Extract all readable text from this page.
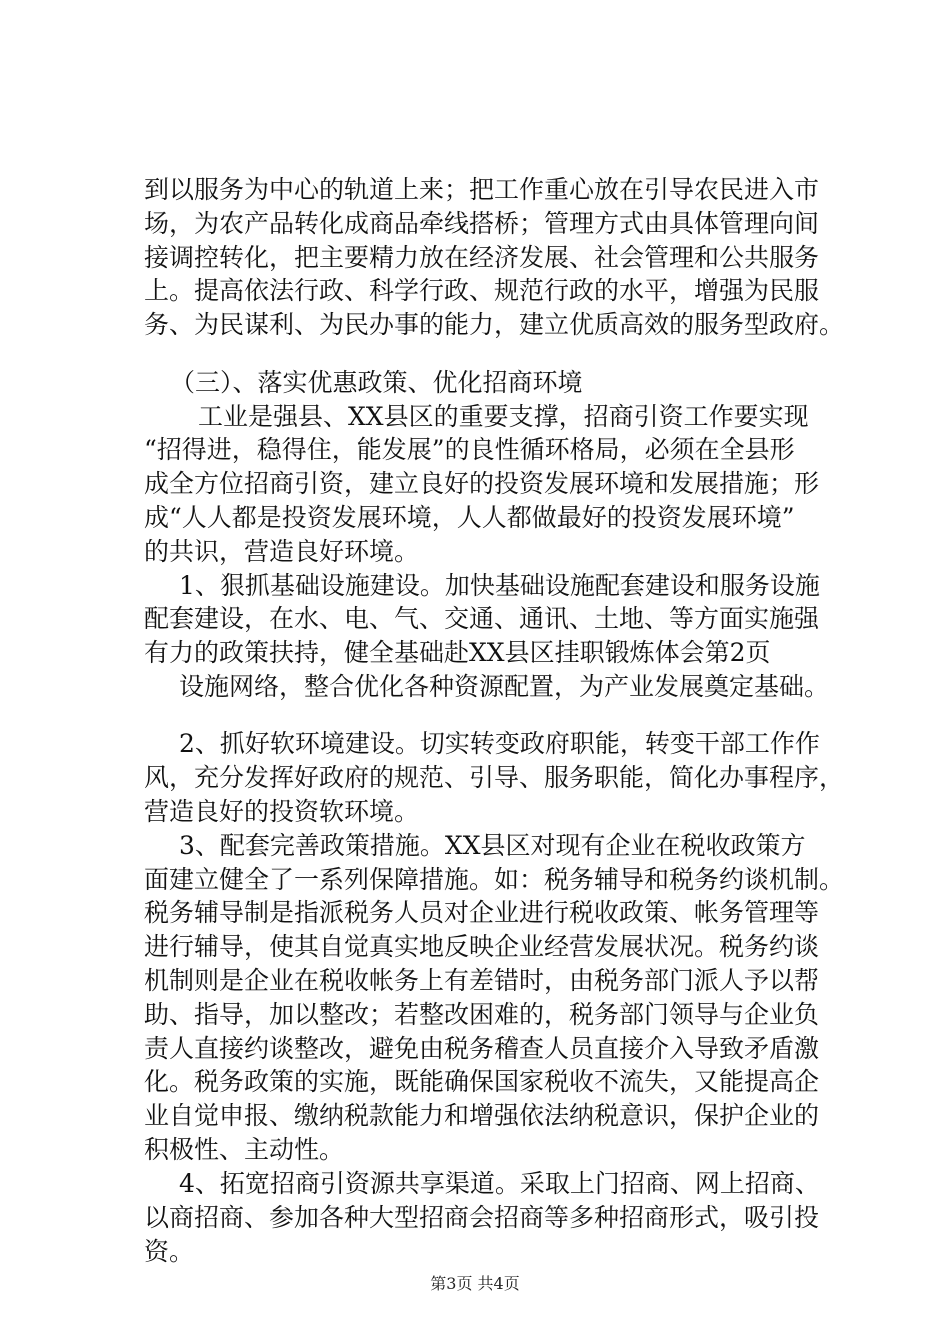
到以服务为中心的轨道上来；把工作重心放在引导农民进入市
场，为农产品转化成商品牵线搭桥；管理方式由具体管理向间
接调控转化，把主要精力放在经济发展、社会管理和公共服务
上。提高依法行政、科学行政、规范行政的水平，增强为民服
务、为民谋利、为民办事的能力，建立优质高效的服务型政府。
（三）、落实优惠政策、优化招商环境
工业是强县、XX县区的重要支撑，招商引资工作要实现
“招得进，稳得住，能发展”的良性循环格局，必须在全县形
成全方位招商引资，建立良好的投资发展环境和发展措施；形
成“人人都是投资发展环境，人人都做最好的投资发展环境”
的共识，营造良好环境。
1、狠抓基础设施建设。加快基础设施配套建设和服务设施
配套建设，在水、电、气、交通、通讯、土地、等方面实施强
有力的政策扶持，健全基础赴XX县区挂职锻炼体会第2页
设施网络，整合优化各种资源配置，为产业发展奠定基础。
2、抓好软环境建设。切实转变政府职能，转变干部工作作
风，充分发挥好政府的规范、引导、服务职能，简化办事程序，
营造良好的投资软环境。
3、配套完善政策措施。XX县区对现有企业在税收政策方
面建立健全了一系列保障措施。如：税务辅导和税务约谈机制。
税务辅导制是指派税务人员对企业进行税收政策、帐务管理等
进行辅导，使其自觉真实地反映企业经营发展状况。税务约谈
机制则是企业在税收帐务上有差错时，由税务部门派人予以帮
助、指导，加以整改；若整改困难的，税务部门领导与企业负
责人直接约谈整改，避免由税务稽查人员直接介入导致矛盾激
化。税务政策的实施，既能确保国家税收不流失，又能提高企
业自觉申报、缴纳税款能力和增强依法纳税意识，保护企业的
积极性、主动性。
4、拓宽招商引资源共享渠道。采取上门招商、网上招商、
以商招商、参加各种大型招商会招商等多种招商形式，吸引投
资。
第3页 共4页
